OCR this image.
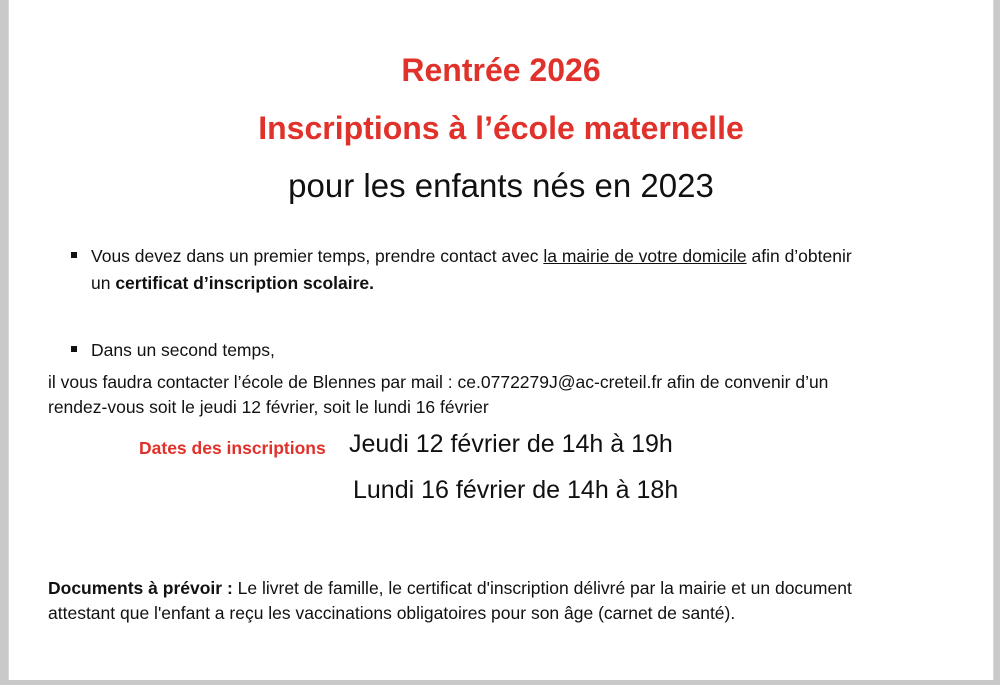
Rentrée 2026
Inscriptions à l’école maternelle
pour les enfants nés en 2023
Vous devez dans un premier temps, prendre contact avec la mairie de votre domicile afin d’obtenir
un certificat d’inscription scolaire.
Dans un second temps,
il vous faudra contacter l’école de Blennes par mail : ce.0772279J@ac-creteil.fr afin de convenir d’un
rendez-vous soit le jeudi 12 février, soit le lundi 16 février
Dates des inscriptions Jeudi 12 février de 14h à 19h
Lundi 16 février de 14h à 18h
Documents à prévoir : Le livret de famille, le certificat d'inscription délivré par la mairie et un document
attestant que l'enfant a reçu les vaccinations obligatoires pour son âge (carnet de santé).
